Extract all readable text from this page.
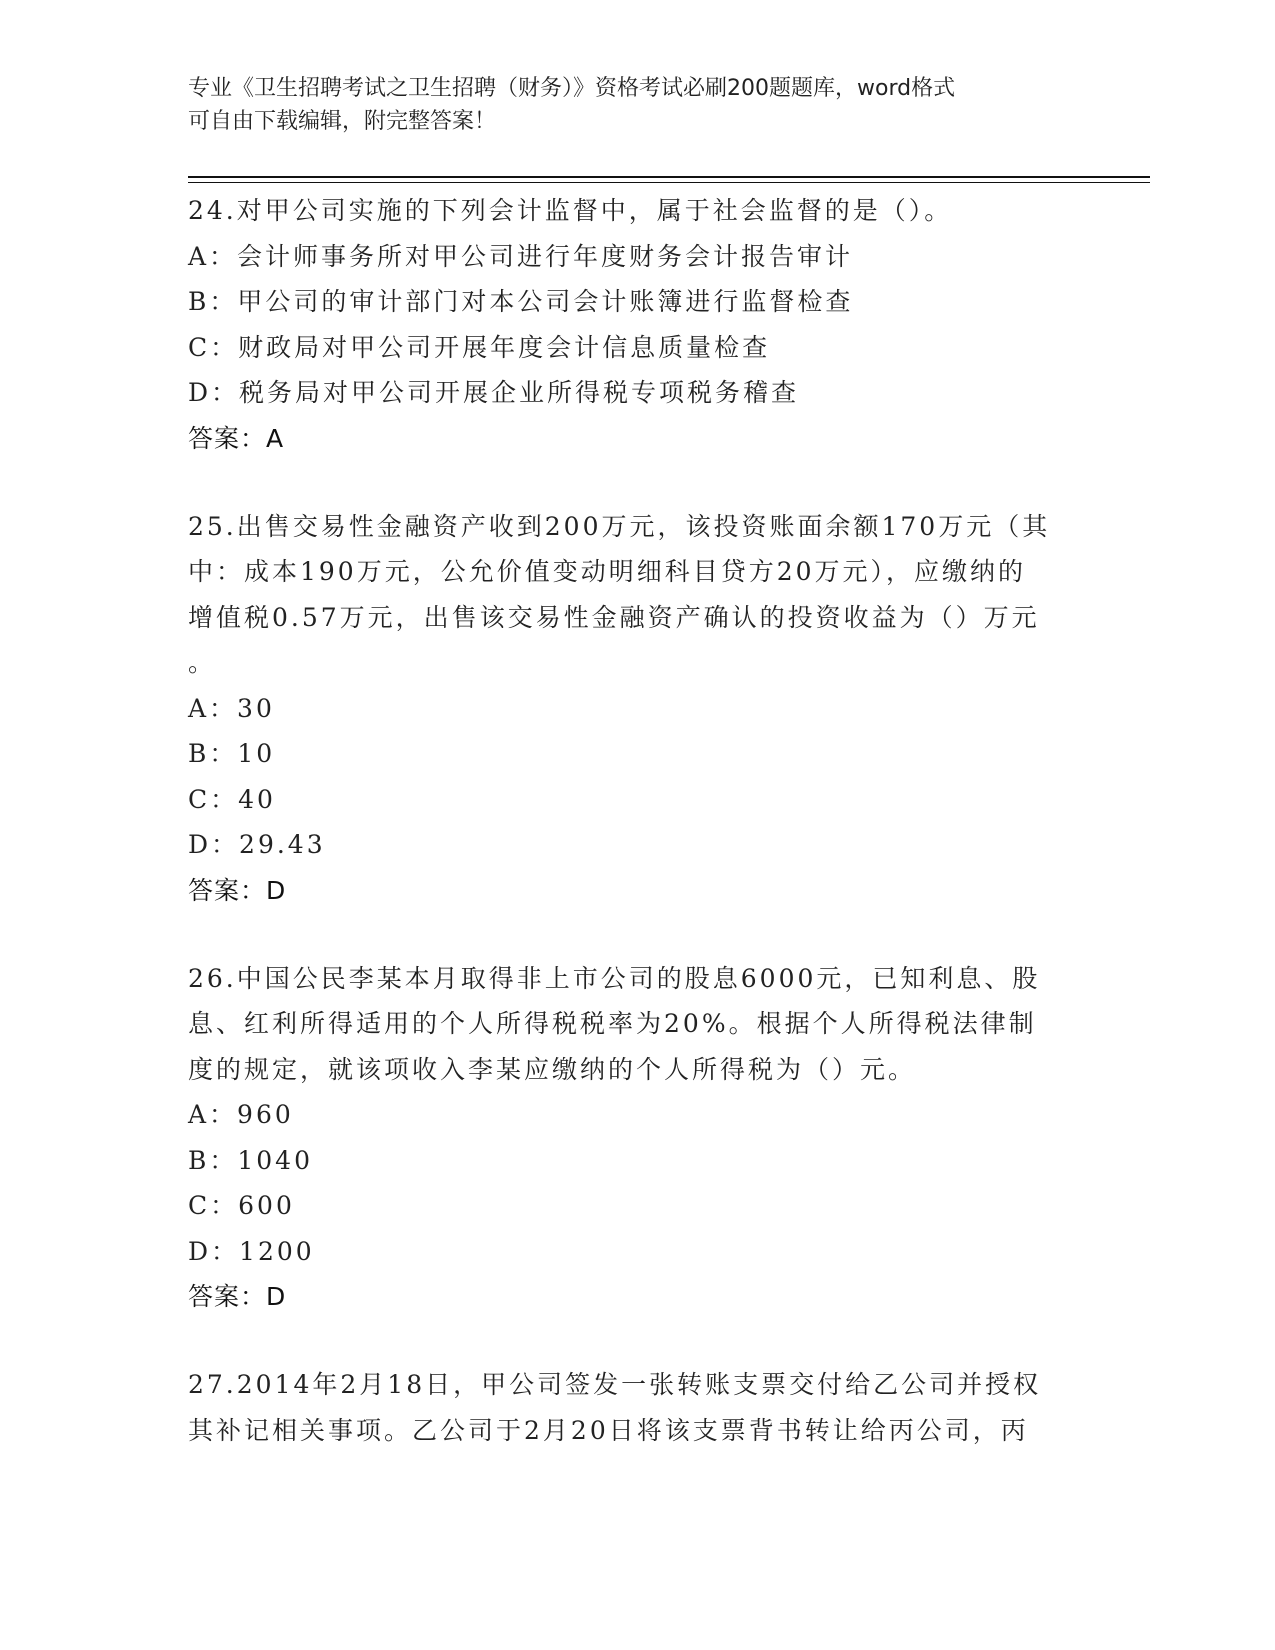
专业《卫生招聘考试之卫生招聘（财务）》资格考试必刷200题题库，word格式
可自由下载编辑，附完整答案！
24.对甲公司实施的下列会计监督中，属于社会监督的是（）。
A：会计师事务所对甲公司进行年度财务会计报告审计
B：甲公司的审计部门对本公司会计账簿进行监督检查
C：财政局对甲公司开展年度会计信息质量检查
D：税务局对甲公司开展企业所得税专项税务稽查
答案：A
25.出售交易性金融资产收到200万元，该投资账面余额170万元（其
中：成本190万元，公允价值变动明细科目贷方20万元），应缴纳的
增值税0.57万元，出售该交易性金融资产确认的投资收益为（）万元
。
A：30
B：10
C：40
D：29.43
答案：D
26.中国公民李某本月取得非上市公司的股息6000元，已知利息、股
息、红利所得适用的个人所得税税率为20%。根据个人所得税法律制
度的规定，就该项收入李某应缴纳的个人所得税为（）元。
A：960
B：1040
C：600
D：1200
答案：D
27.2014年2月18日，甲公司签发一张转账支票交付给乙公司并授权
其补记相关事项。乙公司于2月20日将该支票背书转让给丙公司，丙
